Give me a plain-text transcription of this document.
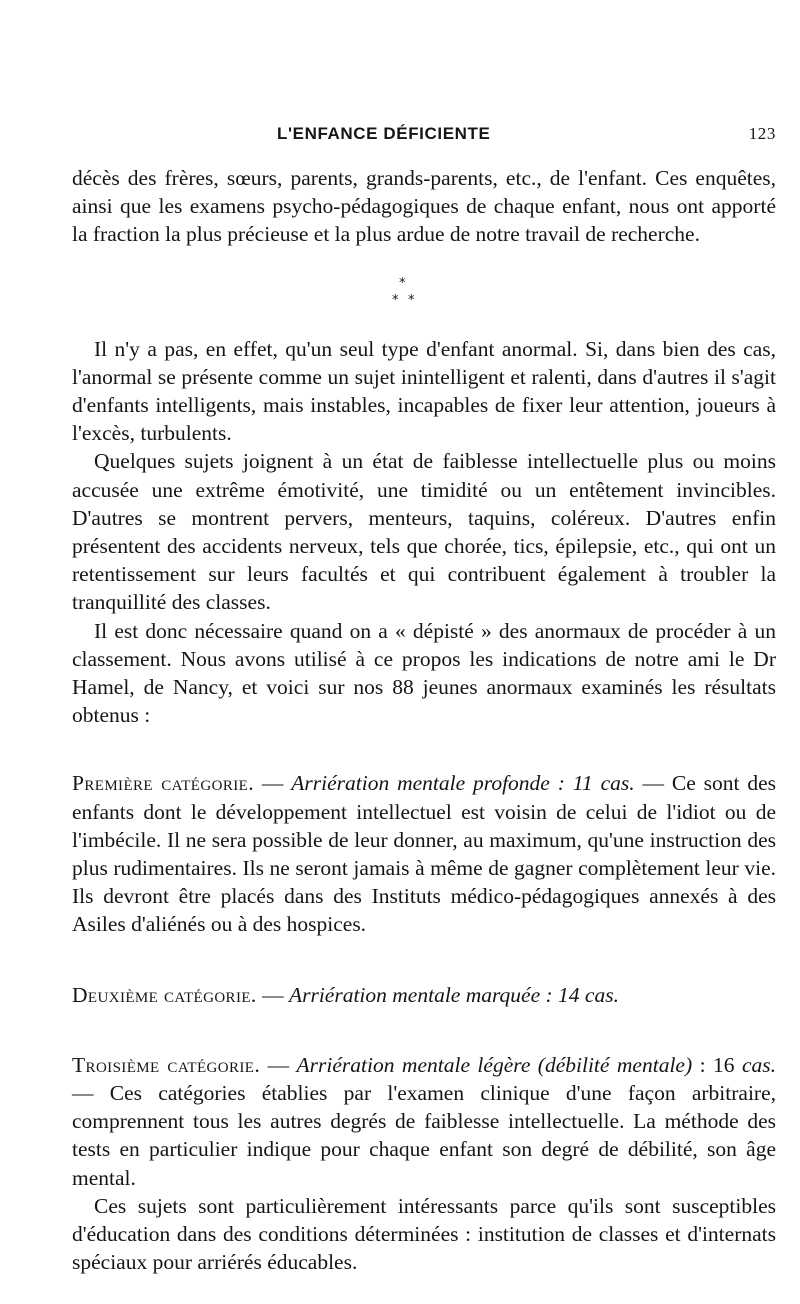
L'ENFANCE DÉFICIENTE	123

décès des frères, sœurs, parents, grands-parents, etc., de l'enfant. Ces enquêtes, ainsi que les examens psycho-pédagogiques de chaque enfant, nous ont apporté la fraction la plus précieuse et la plus ardue de notre travail de recherche.

*
* *

Il n'y a pas, en effet, qu'un seul type d'enfant anormal. Si, dans bien des cas, l'anormal se présente comme un sujet inintelligent et ralenti, dans d'autres il s'agit d'enfants intelligents, mais instables, incapables de fixer leur attention, joueurs à l'excès, turbulents.

Quelques sujets joignent à un état de faiblesse intellectuelle plus ou moins accusée une extrême émotivité, une timidité ou un entêtement invincibles. D'autres se montrent pervers, menteurs, taquins, coléreux. D'autres enfin présentent des accidents nerveux, tels que chorée, tics, épilepsie, etc., qui ont un retentissement sur leurs facultés et qui contribuent également à troubler la tranquillité des classes.

Il est donc nécessaire quand on a « dépisté » des anormaux de procéder à un classement. Nous avons utilisé à ce propos les indications de notre ami le Dr Hamel, de Nancy, et voici sur nos 88 jeunes anormaux examinés les résultats obtenus :

Première catégorie. — Arriération mentale profonde : 11 cas. — Ce sont des enfants dont le développement intellectuel est voisin de celui de l'idiot ou de l'imbécile. Il ne sera possible de leur donner, au maximum, qu'une instruction des plus rudimentaires. Ils ne seront jamais à même de gagner complètement leur vie. Ils devront être placés dans des Instituts médico-pédagogiques annexés à des Asiles d'aliénés ou à des hospices.

Deuxième catégorie. — Arriération mentale marquée : 14 cas.

Troisième catégorie. — Arriération mentale légère (débilité mentale) : 16 cas. — Ces catégories établies par l'examen clinique d'une façon arbitraire, comprennent tous les autres degrés de faiblesse intellectuelle. La méthode des tests en particulier indique pour chaque enfant son degré de débilité, son âge mental.

Ces sujets sont particulièrement intéressants parce qu'ils sont susceptibles d'éducation dans des conditions déterminées : institution de classes et d'internats spéciaux pour arriérés éducables.
